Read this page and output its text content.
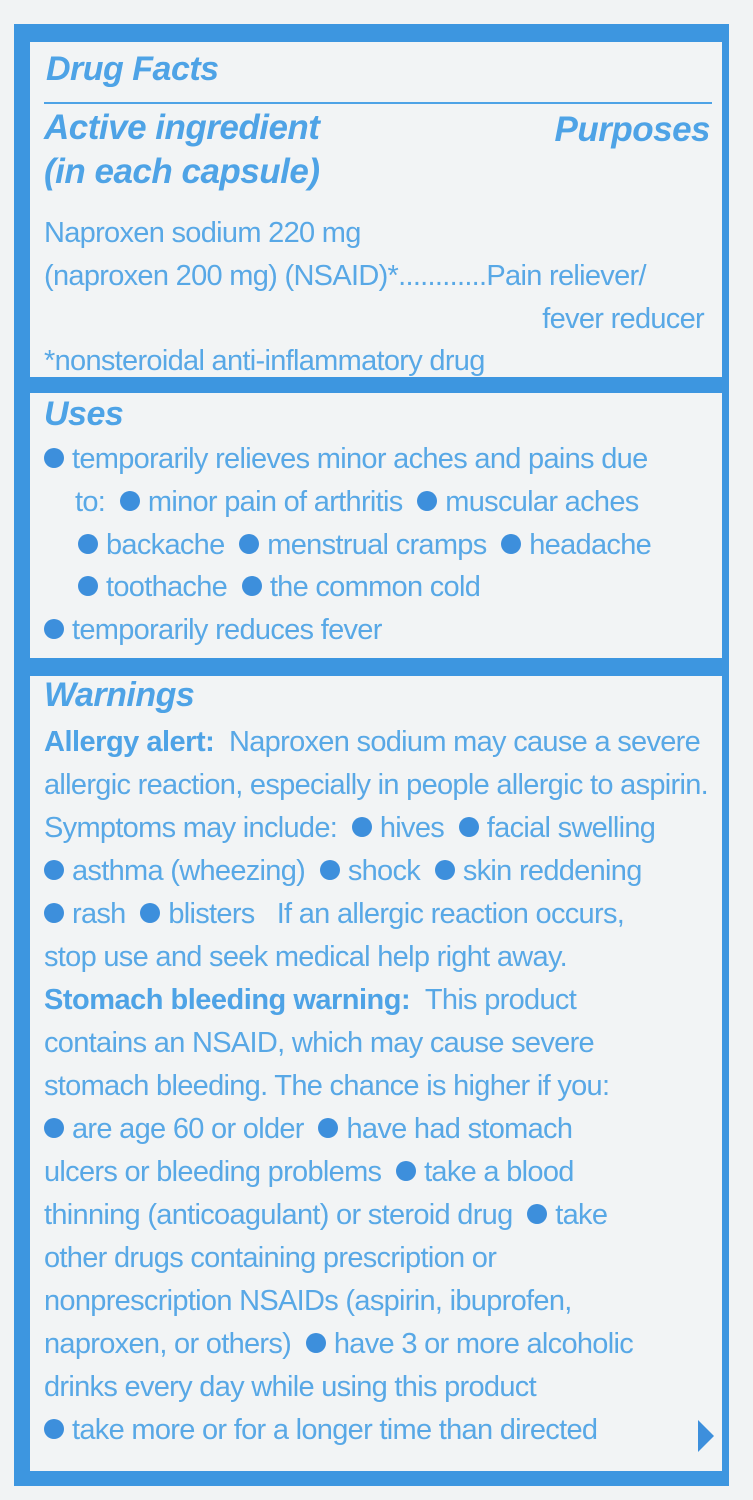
Drug Facts
Active ingredient
(in each capsule)
Purposes
Naproxen sodium 220 mg
(naproxen 200 mg) (NSAID)*............Pain reliever/
fever reducer
*nonsteroidal anti-inflammatory drug
Uses
temporarily relieves minor aches and pains due
to: minor pain of arthritis muscular aches
backache menstrual cramps headache
toothache the common cold
temporarily reduces fever
Warnings
Allergy alert: Naproxen sodium may cause a severe
allergic reaction, especially in people allergic to aspirin.
Symptoms may include: hives facial swelling
asthma (wheezing) shock skin reddening
rash blisters If an allergic reaction occurs,
stop use and seek medical help right away.
Stomach bleeding warning: This product
contains an NSAID, which may cause severe
stomach bleeding. The chance is higher if you:
are age 60 or older have had stomach
ulcers or bleeding problems take a blood
thinning (anticoagulant) or steroid drug take
other drugs containing prescription or
nonprescription NSAIDs (aspirin, ibuprofen,
naproxen, or others) have 3 or more alcoholic
drinks every day while using this product
take more or for a longer time than directed
